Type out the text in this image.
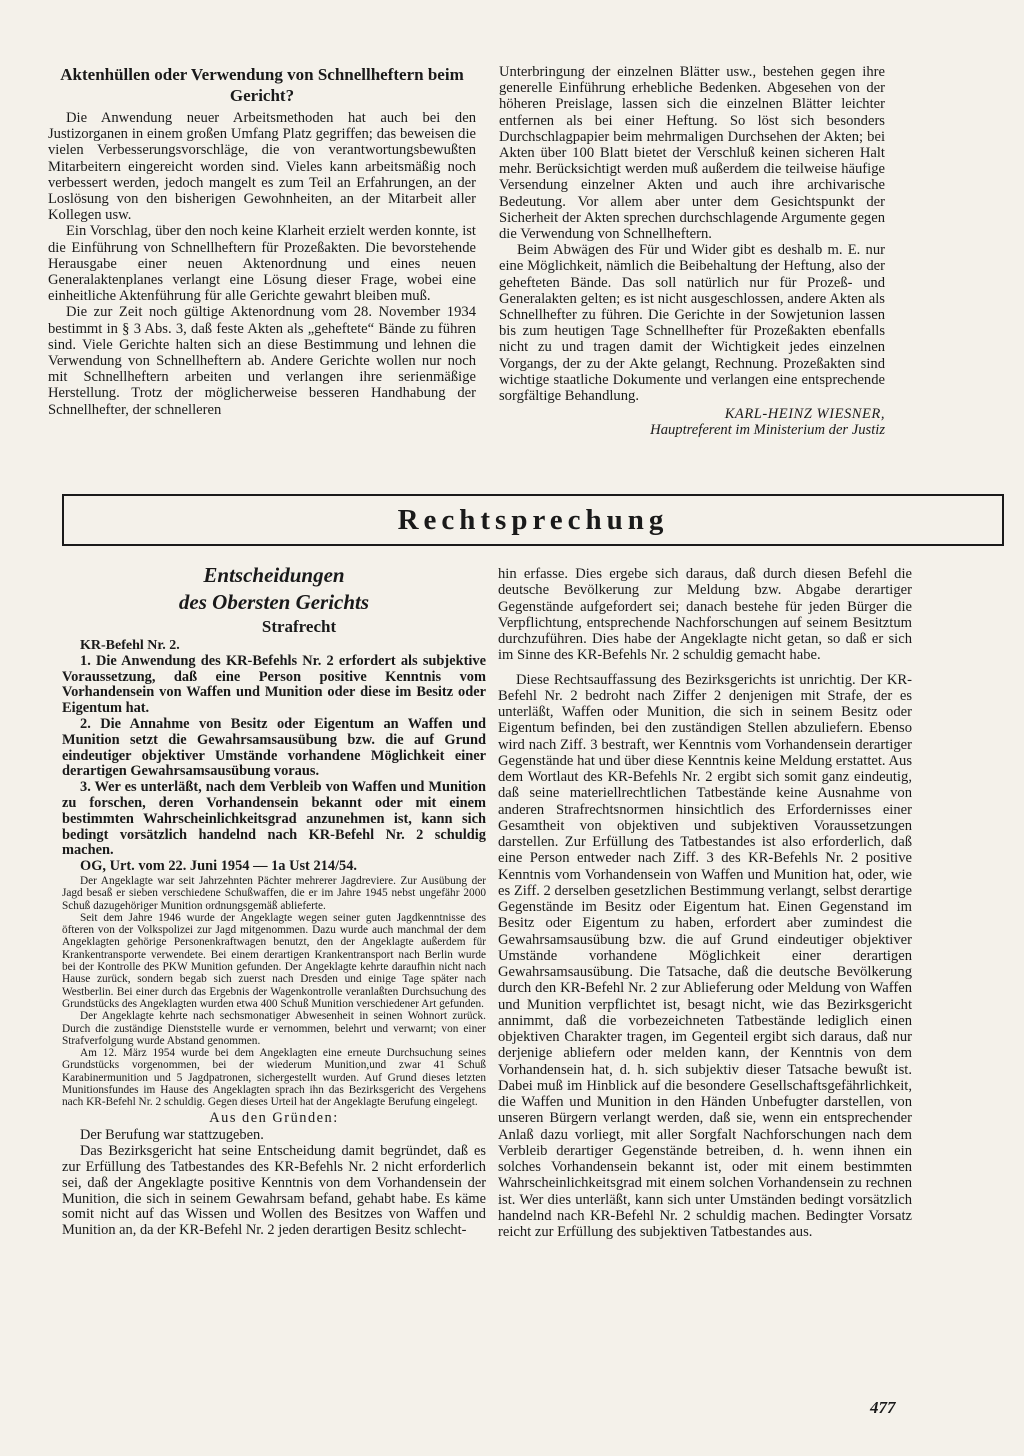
Aktenhüllen oder Verwendung von Schnellheftern beim Gericht?

Die Anwendung neuer Arbeitsmethoden hat auch bei den Justizorganen in einem großen Umfang Platz gegriffen; das beweisen die vielen Verbesserungsvorschläge, die von verantwortungsbewußten Mitarbeitern eingereicht worden sind. Vieles kann arbeitsmäßig noch verbessert werden, jedoch mangelt es zum Teil an Erfahrungen, an der Loslösung von den bisherigen Gewohnheiten, an der Mitarbeit aller Kollegen usw.

Ein Vorschlag, über den noch keine Klarheit erzielt werden konnte, ist die Einführung von Schnellheftern für Prozeßakten. Die bevorstehende Herausgabe einer neuen Aktenordnung und eines neuen Generalaktenplanes verlangt eine Lösung dieser Frage, wobei eine einheitliche Aktenführung für alle Gerichte gewahrt bleiben muß.

Die zur Zeit noch gültige Aktenordnung vom 28. November 1934 bestimmt in § 3 Abs. 3, daß feste Akten als „geheftete“ Bände zu führen sind. Viele Gerichte halten sich an diese Bestimmung und lehnen die Verwendung von Schnellheftern ab. Andere Gerichte wollen nur noch mit Schnellheftern arbeiten und verlangen ihre serienmäßige Herstellung. Trotz der möglicherweise besseren Handhabung der Schnellhefter, der schnelleren

Unterbringung der einzelnen Blätter usw., bestehen gegen ihre generelle Einführung erhebliche Bedenken. Abgesehen von der höheren Preislage, lassen sich die einzelnen Blätter leichter entfernen als bei einer Heftung. So löst sich besonders Durchschlagpapier beim mehrmaligen Durchsehen der Akten; bei Akten über 100 Blatt bietet der Verschluß keinen sicheren Halt mehr. Berücksichtigt werden muß außerdem die teilweise häufige Versendung einzelner Akten und auch ihre archivarische Bedeutung. Vor allem aber unter dem Gesichtspunkt der Sicherheit der Akten sprechen durchschlagende Argumente gegen die Verwendung von Schnellheftern.

Beim Abwägen des Für und Wider gibt es deshalb m. E. nur eine Möglichkeit, nämlich die Beibehaltung der Heftung, also der gehefteten Bände. Das soll natürlich nur für Prozeß- und Generalakten gelten; es ist nicht ausgeschlossen, andere Akten als Schnellhefter zu führen. Die Gerichte in der Sowjetunion lassen bis zum heutigen Tage Schnellhefter für Prozeßakten ebenfalls nicht zu und tragen damit der Wichtigkeit jedes einzelnen Vorgangs, der zu der Akte gelangt, Rechnung. Prozeßakten sind wichtige staatliche Dokumente und verlangen eine entsprechende sorgfältige Behandlung.

KARL-HEINZ WIESNER,
Hauptreferent im Ministerium der Justiz
Rechtsprechung
Entscheidungen
des Obersten Gerichts
Strafrecht
KR-Befehl Nr. 2.

1. Die Anwendung des KR-Befehls Nr. 2 erfordert als subjektive Voraussetzung, daß eine Person positive Kenntnis vom Vorhandensein von Waffen und Munition oder diese im Besitz oder Eigentum hat.

2. Die Annahme von Besitz oder Eigentum an Waffen und Munition setzt die Gewahrsamsausübung bzw. die auf Grund eindeutiger objektiver Umstände vorhandene Möglichkeit einer derartigen Gewahrsamsausübung voraus.

3. Wer es unterläßt, nach dem Verbleib von Waffen und Munition zu forschen, deren Vorhandensein bekannt oder mit einem bestimmten Wahrscheinlichkeitsgrad anzunehmen ist, kann sich bedingt vorsätzlich handelnd nach KR-Befehl Nr. 2 schuldig machen.

OG, Urt. vom 22. Juni 1954 — 1a Ust 214/54.

Der Angeklagte war seit Jahrzehnten Pächter mehrerer Jagdreviere. Zur Ausübung der Jagd besaß er sieben verschiedene Schußwaffen, die er im Jahre 1945 nebst ungefähr 2000 Schuß dazugehöriger Munition ordnungsgemäß ablieferte.

Seit dem Jahre 1946 wurde der Angeklagte wegen seiner guten Jagdkenntnisse des öfteren von der Volkspolizei zur Jagd mitgenommen. Dazu wurde auch manchmal der dem Angeklagten gehörige Personenkraftwagen benutzt, den der Angeklagte außerdem für Krankentransporte verwendete. Bei einem derartigen Krankentransport nach Berlin wurde bei der Kontrolle des PKW Munition gefunden. Der Angeklagte kehrte daraufhin nicht nach Hause zurück, sondern begab sich zuerst nach Dresden und einige Tage später nach Westberlin. Bei einer durch das Ergebnis der Wagenkontrolle veranlaßten Durchsuchung des Grundstücks des Angeklagten wurden etwa 400 Schuß Munition verschiedener Art gefunden.

Der Angeklagte kehrte nach sechsmonatiger Abwesenheit in seinen Wohnort zurück. Durch die zuständige Dienststelle wurde er vernommen, belehrt und verwarnt; von einer Strafverfolgung wurde Abstand genommen.

Am 12. März 1954 wurde bei dem Angeklagten eine erneute Durchsuchung seines Grundstücks vorgenommen, bei der wiederum Munition,und zwar 41 Schuß Karabinermunition und 5 Jagdpatronen, sichergestellt wurden. Auf Grund dieses letzten Munitionsfundes im Hause des Angeklagten sprach ihn das Bezirksgericht des Vergehens nach KR-Befehl Nr. 2 schuldig. Gegen dieses Urteil hat der Angeklagte Berufung eingelegt.

Aus den Gründen:

Der Berufung war stattzugeben.

Das Bezirksgericht hat seine Entscheidung damit begründet, daß es zur Erfüllung des Tatbestandes des KR-Befehls Nr. 2 nicht erforderlich sei, daß der Angeklagte positive Kenntnis von dem Vorhandensein der Munition, die sich in seinem Gewahrsam befand, gehabt habe. Es käme somit nicht auf das Wissen und Wollen des Besitzes von Waffen und Munition an, da der KR-Befehl Nr. 2 jeden derartigen Besitz schlecht-

hin erfasse. Dies ergebe sich daraus, daß durch diesen Befehl die deutsche Bevölkerung zur Meldung bzw. Abgabe derartiger Gegenstände aufgefordert sei; danach bestehe für jeden Bürger die Verpflichtung, entsprechende Nachforschungen auf seinem Besitztum durchzuführen. Dies habe der Angeklagte nicht getan, so daß er sich im Sinne des KR-Befehls Nr. 2 schuldig gemacht habe.

Diese Rechtsauffassung des Bezirksgerichts ist unrichtig. Der KR-Befehl Nr. 2 bedroht nach Ziffer 2 denjenigen mit Strafe, der es unterläßt, Waffen oder Munition, die sich in seinem Besitz oder Eigentum befinden, bei den zuständigen Stellen abzuliefern. Ebenso wird nach Ziff. 3 bestraft, wer Kenntnis vom Vorhandensein derartiger Gegenstände hat und über diese Kenntnis keine Meldung erstattet. Aus dem Wortlaut des KR-Befehls Nr. 2 ergibt sich somit ganz eindeutig, daß seine materiellrechtlichen Tatbestände keine Ausnahme von anderen Strafrechtsnormen hinsichtlich des Erfordernisses einer Gesamtheit von objektiven und subjektiven Voraussetzungen darstellen. Zur Erfüllung des Tatbestandes ist also erforderlich, daß eine Person entweder nach Ziff. 3 des KR-Befehls Nr. 2 positive Kenntnis vom Vorhandensein von Waffen und Munition hat, oder, wie es Ziff. 2 derselben gesetzlichen Bestimmung verlangt, selbst derartige Gegenstände im Besitz oder Eigentum hat. Einen Gegenstand im Besitz oder Eigentum zu haben, erfordert aber zumindest die Gewahrsamsausübung bzw. die auf Grund eindeutiger objektiver Umstände vorhandene Möglichkeit einer derartigen Gewahrsamsausübung. Die Tatsache, daß die deutsche Bevölkerung durch den KR-Befehl Nr. 2 zur Ablieferung oder Meldung von Waffen und Munition verpflichtet ist, besagt nicht, wie das Bezirksgericht annimmt, daß die vorbezeichneten Tatbestände lediglich einen objektiven Charakter tragen, im Gegenteil ergibt sich daraus, daß nur derjenige abliefern oder melden kann, der Kenntnis von dem Vorhandensein hat, d. h. sich subjektiv dieser Tatsache bewußt ist. Dabei muß im Hinblick auf die besondere Gesellschaftsgefährlichkeit, die Waffen und Munition in den Händen Unbefugter darstellen, von unseren Bürgern verlangt werden, daß sie, wenn ein entsprechender Anlaß dazu vorliegt, mit aller Sorgfalt Nachforschungen nach dem Verbleib derartiger Gegenstände betreiben, d. h. wenn ihnen ein solches Vorhandensein bekannt ist, oder mit einem bestimmten Wahrscheinlichkeitsgrad mit einem solchen Vorhandensein zu rechnen ist. Wer dies unterläßt, kann sich unter Umständen bedingt vorsätzlich handelnd nach KR-Befehl Nr. 2 schuldig machen. Bedingter Vorsatz reicht zur Erfüllung des subjektiven Tatbestandes aus.

477
